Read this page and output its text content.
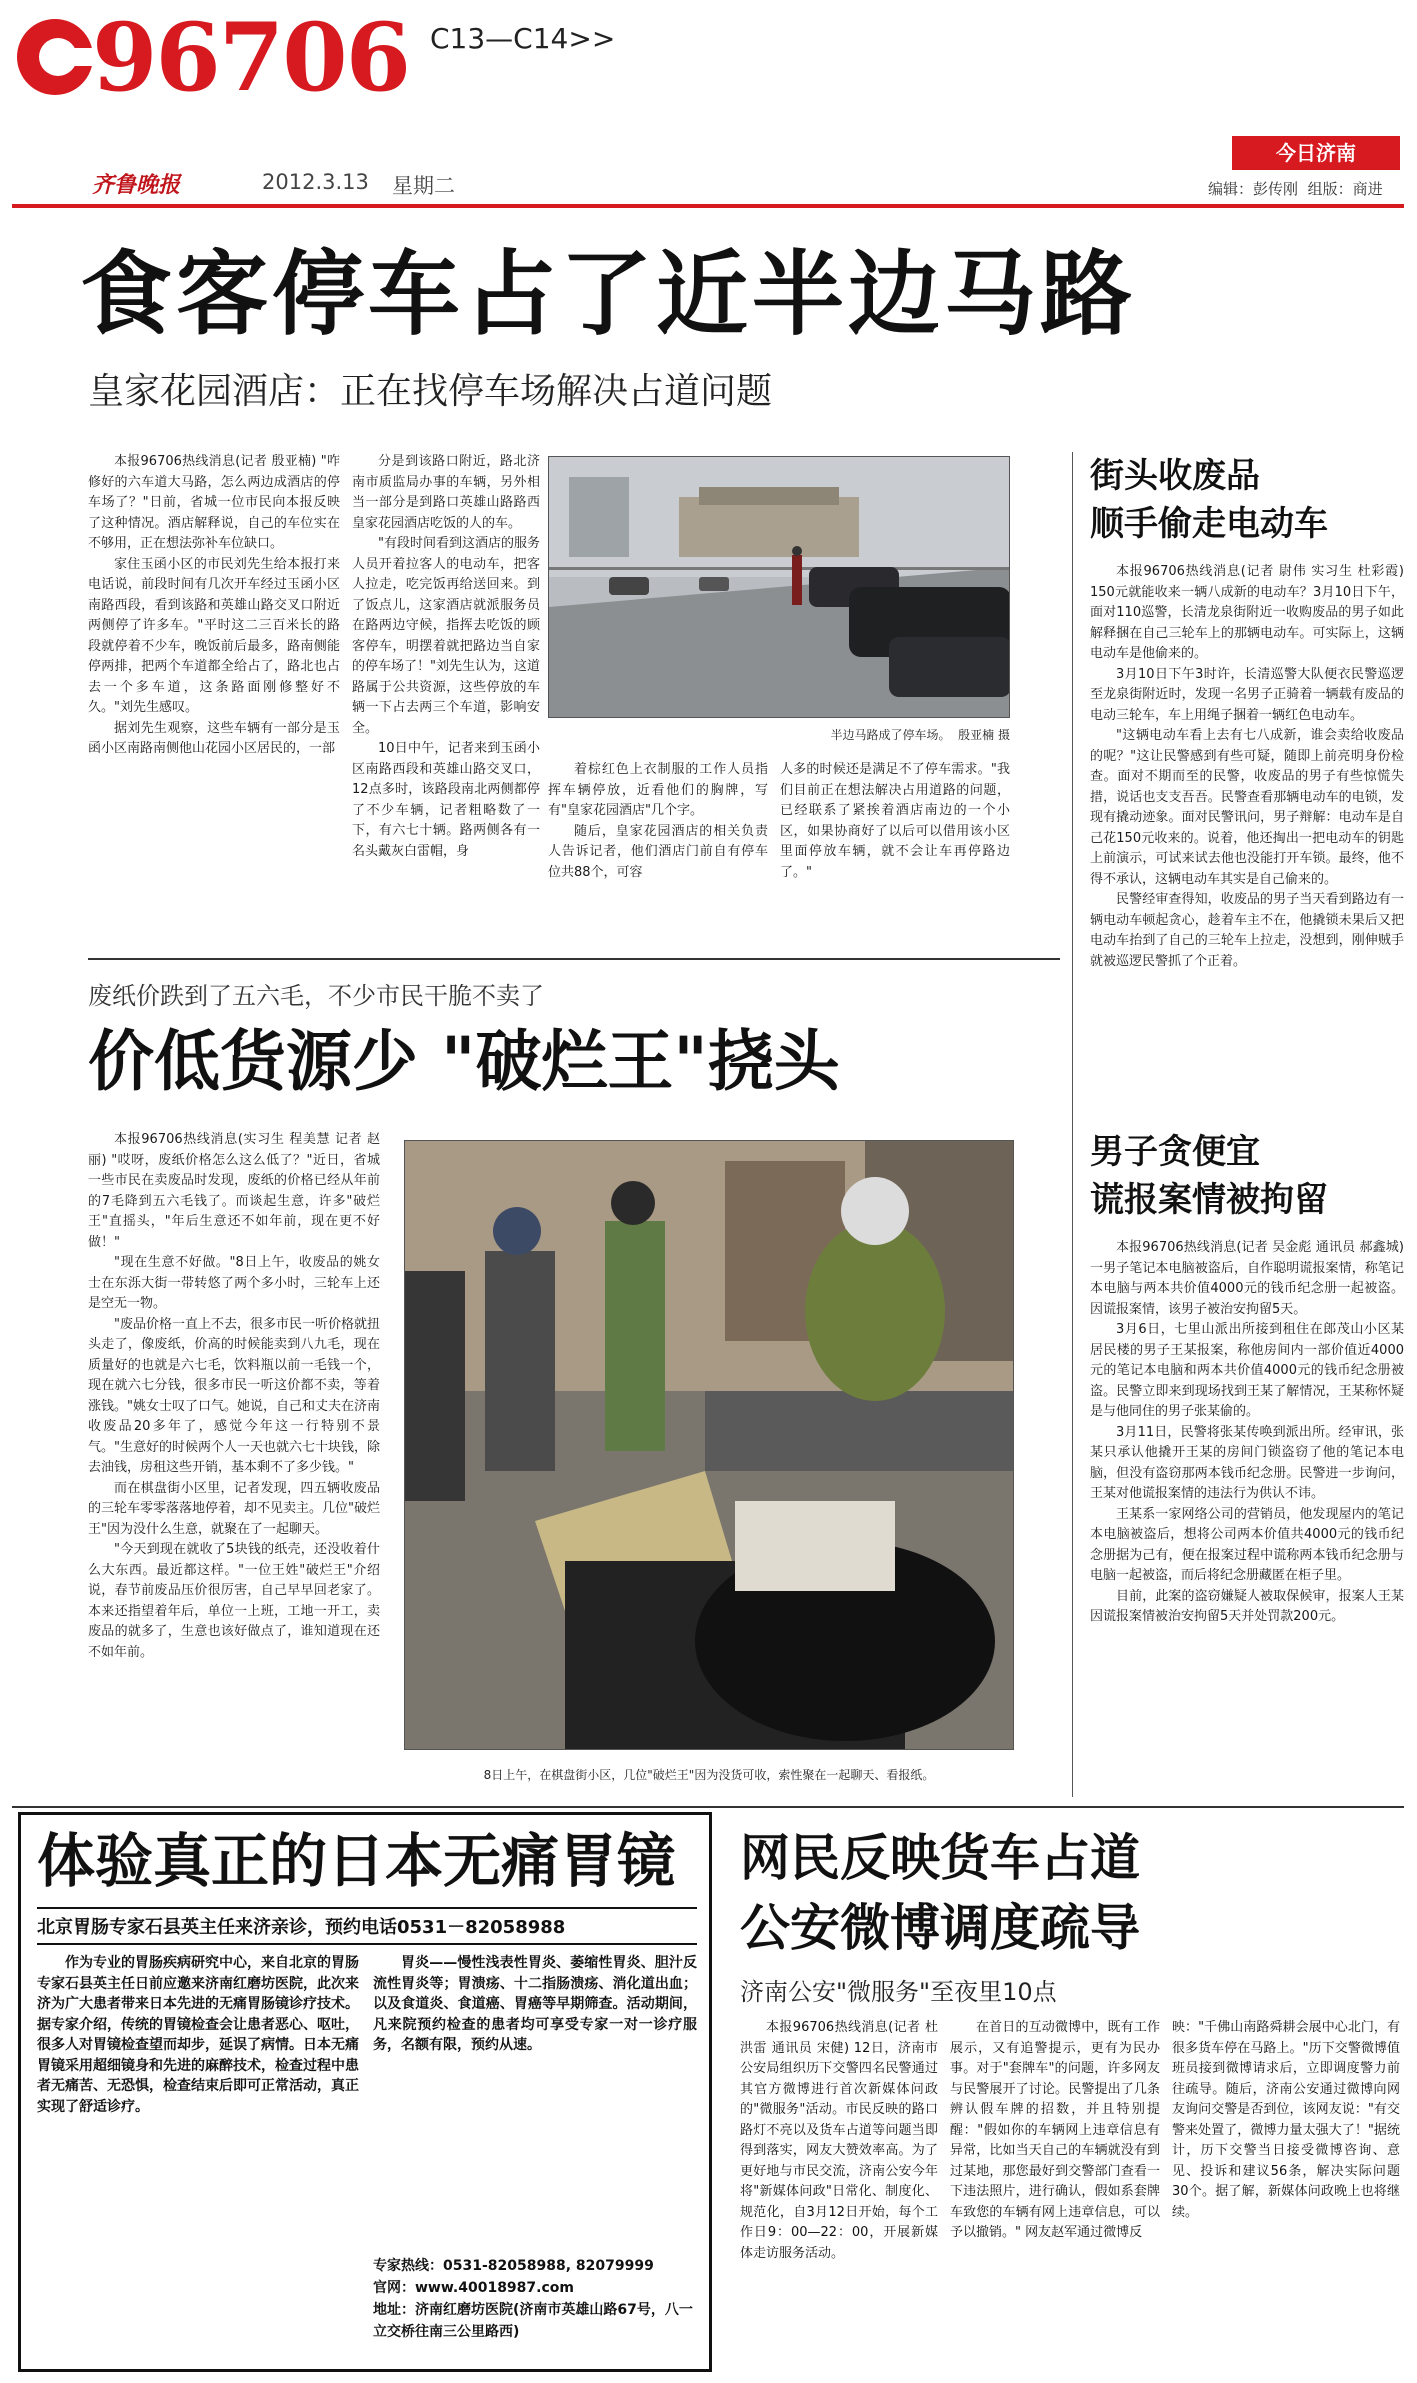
96706 C13—C14>>
齐鲁晚报	2012.3.13 星期二
今日济南
编辑：彭传刚 组版：商进
食客停车占了近半边马路
皇家花园酒店：正在找停车场解决占道问题

本报96706热线消息(记者 殷亚楠) "咋修好的六车道大马路，怎么两边成酒店的停车场了？"日前，省城一位市民向本报反映了这种情况。酒店解释说，自己的车位实在不够用，正在想法弥补车位缺口。

家住玉函小区的市民刘先生给本报打来电话说，前段时间有几次开车经过玉函小区南路西段，看到该路和英雄山路交叉口附近两侧停了许多车。"平时这二三百米长的路段就停着不少车，晚饭前后最多，路南侧能停两排，把两个车道都全给占了，路北也占去一个多车道，这条路面刚修整好不久。"刘先生感叹。

据刘先生观察，这些车辆有一部分是玉函小区南路南侧他山花园小区居民的，一部

分是到该路口附近，路北济南市质监局办事的车辆，另外相当一部分是到路口英雄山路路西皇家花园酒店吃饭的人的车。

"有段时间看到这酒店的服务人员开着拉客人的电动车，把客人拉走，吃完饭再给送回来。到了饭点儿，这家酒店就派服务员在路两边守候，指挥去吃饭的顾客停车，明摆着就把路边当自家的停车场了！"刘先生认为，这道路属于公共资源，这些停放的车辆一下占去两三个车道，影响安全。

10日中午，记者来到玉函小区南路西段和英雄山路交叉口，12点多时，该路段南北两侧都停了不少车辆，记者粗略数了一下，有六七十辆。路两侧各有一名头戴灰白雷帽，身

半边马路成了停车场。 殷亚楠 摄

着棕红色上衣制服的工作人员指挥车辆停放，近看他们的胸牌，写有"皇家花园酒店"几个字。

随后，皇家花园酒店的相关负责人告诉记者，他们酒店门前自有停车位共88个，可容

人多的时候还是满足不了停车需求。"我们目前正在想法解决占用道路的问题，已经联系了紧挨着酒店南边的一个小区，如果协商好了以后可以借用该小区里面停放车辆，就不会让车再停路边了。"

街头收废品
顺手偷走电动车

本报96706热线消息(记者 尉伟 实习生 杜彩霞) 150元就能收来一辆八成新的电动车？3月10日下午，面对110巡警，长清龙泉街附近一收购废品的男子如此解释捆在自己三轮车上的那辆电动车。可实际上，这辆电动车是他偷来的。

3月10日下午3时许，长清巡警大队便衣民警巡逻至龙泉街附近时，发现一名男子正骑着一辆载有废品的电动三轮车，车上用绳子捆着一辆红色电动车。

"这辆电动车看上去有七八成新，谁会卖给收废品的呢？"这让民警感到有些可疑，随即上前亮明身份检查。面对不期而至的民警，收废品的男子有些惊慌失措，说话也支支吾吾。民警查看那辆电动车的电锁，发现有撬动迹象。面对民警讯问，男子辩解：电动车是自己花150元收来的。说着，他还掏出一把电动车的钥匙上前演示，可试来试去他也没能打开车锁。最终，他不得不承认，这辆电动车其实是自己偷来的。

民警经审查得知，收废品的男子当天看到路边有一辆电动车顿起贪心，趁着车主不在，他撬锁未果后又把电动车抬到了自己的三轮车上拉走，没想到，刚伸贼手就被巡逻民警抓了个正着。

男子贪便宜
谎报案情被拘留

本报96706热线消息(记者 吴金彪 通讯员 郝鑫城) 一男子笔记本电脑被盗后，自作聪明谎报案情，称笔记本电脑与两本共价值4000元的钱币纪念册一起被盗。因谎报案情，该男子被治安拘留5天。

3月6日，七里山派出所接到租住在郎茂山小区某居民楼的男子王某报案，称他房间内一部价值近4000元的笔记本电脑和两本共价值4000元的钱币纪念册被盗。民警立即来到现场找到王某了解情况，王某称怀疑是与他同住的男子张某偷的。

3月11日，民警将张某传唤到派出所。经审讯，张某只承认他撬开王某的房间门锁盗窃了他的笔记本电脑，但没有盗窃那两本钱币纪念册。民警进一步询问，王某对他谎报案情的违法行为供认不讳。

王某系一家网络公司的营销员，他发现屋内的笔记本电脑被盗后，想将公司两本价值共4000元的钱币纪念册据为己有，便在报案过程中谎称两本钱币纪念册与电脑一起被盗，而后将纪念册藏匿在柜子里。

目前，此案的盗窃嫌疑人被取保候审，报案人王某因谎报案情被治安拘留5天并处罚款200元。

废纸价跌到了五六毛，不少市民干脆不卖了
价低货源少 "破烂王"挠头

本报96706热线消息(实习生 程美慧 记者 赵丽) "哎呀，废纸价格怎么这么低了？"近日，省城一些市民在卖废品时发现，废纸的价格已经从年前的7毛降到五六毛钱了。而谈起生意，许多"破烂王"直摇头，"年后生意还不如年前，现在更不好做！"

"现在生意不好做。"8日上午，收废品的姚女士在东泺大街一带转悠了两个多小时，三轮车上还是空无一物。

"废品价格一直上不去，很多市民一听价格就扭头走了，像废纸，价高的时候能卖到八九毛，现在质量好的也就是六七毛，饮料瓶以前一毛钱一个，现在就六七分钱，很多市民一听这价都不卖，等着涨钱。"姚女士叹了口气。她说，自己和丈夫在济南收废品20多年了，感觉今年这一行特别不景气。"生意好的时候两个人一天也就六七十块钱，除去油钱，房租这些开销，基本剩不了多少钱。"

而在棋盘街小区里，记者发现，四五辆收废品的三轮车零零落落地停着，却不见卖主。几位"破烂王"因为没什么生意，就聚在了一起聊天。

"今天到现在就收了5块钱的纸壳，还没收着什么大东西。最近都这样。"一位王姓"破烂王"介绍说，春节前废品压价很厉害，自己早早回老家了。本来还指望着年后，单位一上班，工地一开工，卖废品的就多了，生意也该好做点了，谁知道现在还不如年前。

8日上午，在棋盘街小区，几位"破烂王"因为没货可收，索性聚在一起聊天、看报纸。
体验真正的日本无痛胃镜
北京胃肠专家石县英主任来济亲诊，预约电话0531－82058988
作为专业的胃肠疾病研究中心，来自北京的胃肠专家石县英主任日前应邀来济南红磨坊医院，此次来济为广大患者带来日本先进的无痛胃肠镜诊疗技术。据专家介绍，传统的胃镜检查会让患者恶心、呕吐，很多人对胃镜检查望而却步，延误了病情。日本无痛胃镜采用超细镜身和先进的麻醉技术，检查过程中患者无痛苦、无恐惧，检查结束后即可正常活动，真正实现了舒适诊疗。
胃炎——慢性浅表性胃炎、萎缩性胃炎、胆汁反流性胃炎等；胃溃疡、十二指肠溃疡、消化道出血；以及食道炎、食道癌、胃癌等早期筛查。活动期间，凡来院预约检查的患者均可享受专家一对一诊疗服务，名额有限，预约从速。
专家热线：0531-82058988, 82079999
官网：www.40018987.com
地址：济南红磨坊医院(济南市英雄山路67号，八一立交桥往南三公里路西)
网民反映货车占道
公安微博调度疏导
济南公安"微服务"至夜里10点
本报96706热线消息(记者 杜洪雷 通讯员 宋健) 12日，济南市公安局组织历下交警四名民警通过其官方微博进行首次新媒体问政的"微服务"活动。市民反映的路口路灯不亮以及货车占道等问题当即得到落实，网友大赞效率高。为了更好地与市民交流，济南公安今年将"新媒体问政"日常化、制度化、规范化，自3月12日开始，每个工作日9：00—22：00，开展新媒体走访服务活动。
在首日的互动微博中，既有工作展示，又有追警提示，更有为民办事。对于"套牌车"的问题，许多网友与民警展开了讨论。民警提出了几条辨认假车牌的招数，并且特别提醒："假如你的车辆网上违章信息有异常，比如当天自己的车辆就没有到过某地，那您最好到交警部门查看一下违法照片，进行确认，假如系套牌车致您的车辆有网上违章信息，可以予以撤销。" 网友赵军通过微博反
映："千佛山南路舜耕会展中心北门，有很多货车停在马路上。"历下交警微博值班员接到微博请求后，立即调度警力前往疏导。随后，济南公安通过微博向网友询问交警是否到位，该网友说："有交警来处置了，微博力量太强大了！"据统计，历下交警当日接受微博咨询、意见、投诉和建议56条，解决实际问题30个。据了解，新媒体问政晚上也将继续。
